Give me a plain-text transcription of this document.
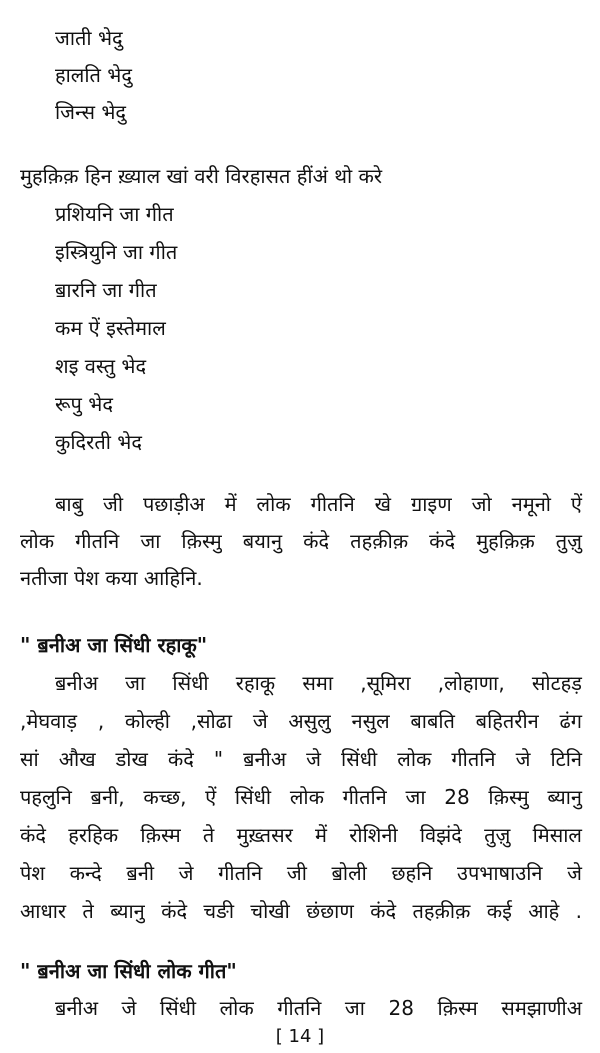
जाती भेदु
हालति भेदु
जिन्स भेदु
मुहक़िक़ हिन ख़्याल खां वरी विरहासत हींअं थो करे
प्रशियनि जा गीत
इस्त्रियुनि जा गीत
ॿारनि जा गीत
कम ऐं इस्तेमाल
शइ वस्तु भेद
रूपु भेद
कुदिरती भेद
बाबु जी पछाड़ीअ में लोक गीतनि खे ॻाइण जो नमूनो ऐं
लोक गीतनि जा क़िस्मु बयानु कंदे तहक़ीक़ कंदे मुहक़िक़ तुज़ु
नतीजा पेश कया आहिनि.
" ॿनीअ जा सिंधी रहाकू"
ॿनीअ जा सिंधी रहाकू समा ,सूमिरा ,लोहाणा, सोटहड़
,मेघवाड़ , कोल्ही ,सोढा जे असुलु नसुल बाबति बहितरीन ढंग
सां औख डोख कंदे " ॿनीअ जे सिंधी लोक गीतनि जे टिनि
पहलुनि ॿनी, कच्छ, ऐं सिंधी लोक गीतनि जा 28 क़िस्मु ब्यानु
कंदे हरहिक क़िस्म ते मुख़्तसर में रोशिनी विझंदे तुज़ु मिसाल
पेश कन्दे ॿनी जे गीतनि जी ॿोली छहनि उपभाषाउनि जे
आधार ते ब्यानु कंदे चङी चोखी छंछाण कंदे तहक़ीक़ कई आहे .
" ॿनीअ जा सिंधी लोक गीत"
ॿनीअ जे सिंधी लोक गीतनि जा 28 क़िस्म समझाणीअ
[ 14 ]
